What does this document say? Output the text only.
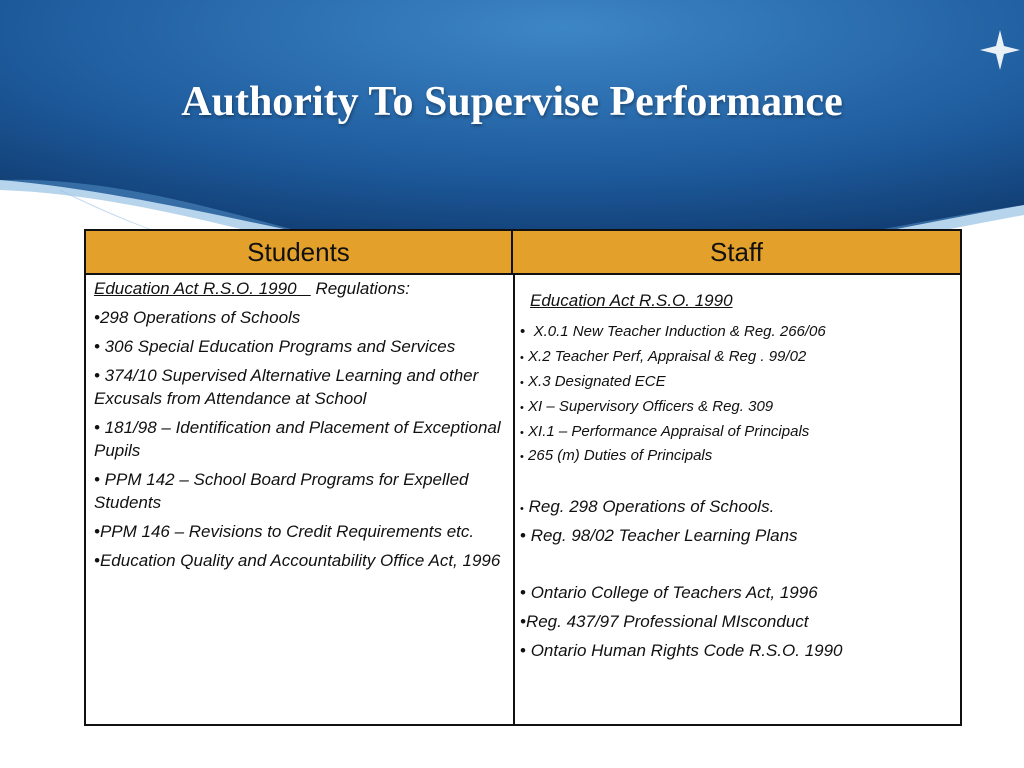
Authority To Supervise Performance
Students	Staff

Education Act R.S.O. 1990 Regulations:

•298 Operations of Schools

• 306 Special Education Programs and Services

• 374/10 Supervised Alternative Learning and other Excusals from Attendance at School

• 181/98 – Identification and Placement of Exceptional Pupils

• PPM 142 – School Board Programs for Expelled Students

•PPM 146 – Revisions to Credit Requirements etc.

•Education Quality and Accountability Office Act, 1996

Education Act R.S.O. 1990
• X.0.1 New Teacher Induction & Reg. 266/06
• X.2 Teacher Perf, Appraisal & Reg . 99/02
• X.3 Designated ECE
• XI – Supervisory Officers & Reg. 309
• XI.1 – Performance Appraisal of Principals
• 265 (m) Duties of Principals
• Reg. 298 Operations of Schools.
• Reg. 98/02 Teacher Learning Plans
• Ontario College of Teachers Act, 1996
•Reg. 437/97 Professional MIsconduct
• Ontario Human Rights Code R.S.O. 1990
